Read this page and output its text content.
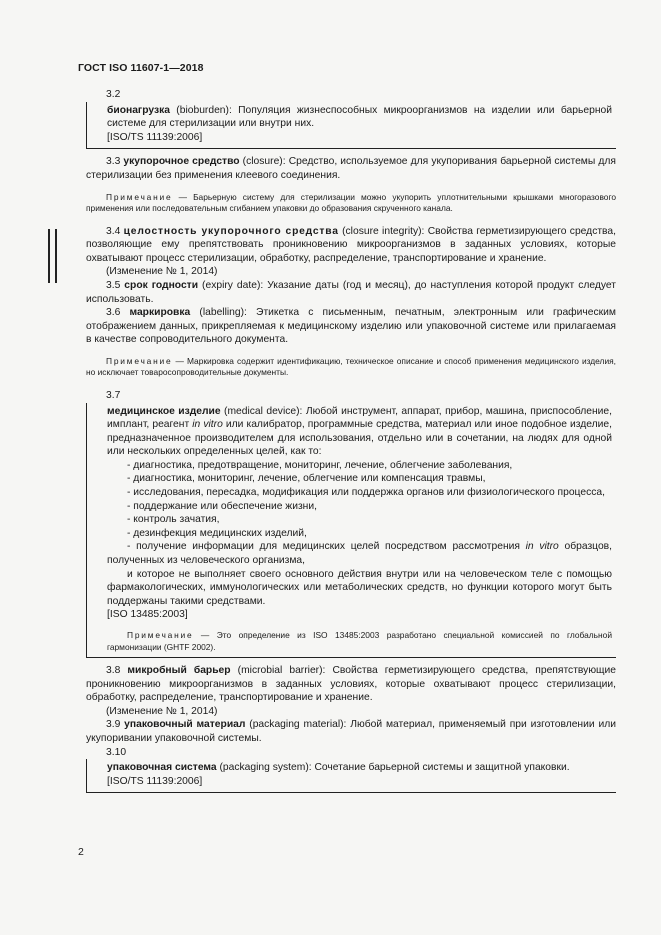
ГОСТ ISO 11607-1—2018

3.2

бионагрузка (bioburden): Популяция жизнеспособных микроорганизмов на изделии или барьерной системе для стерилизации или внутри них.

[ISO/TS 11139:2006]

3.3 укупорочное средство (closure): Средство, используемое для укупоривания барьерной системы для стерилизации без применения клеевого соединения.

Примечание — Барьерную систему для стерилизации можно укупорить уплотнительными крышками многоразового применения или последовательным сгибанием упаковки до образования скрученного канала.

3.4 целостность укупорочного средства (closure integrity): Свойства герметизирующего средства, позволяющие ему препятствовать проникновению микроорганизмов в заданных условиях, которые охватывают процесс стерилизации, обработку, распределение, транспортирование и хранение.

(Изменение № 1, 2014)

3.5 срок годности (expiry date): Указание даты (год и месяц), до наступления которой продукт следует использовать.

3.6 маркировка (labelling): Этикетка с письменным, печатным, электронным или графическим отображением данных, прикрепляемая к медицинскому изделию или упаковочной системе или прилагаемая в качестве сопроводительного документа.

Примечание — Маркировка содержит идентификацию, техническое описание и способ применения медицинского изделия, но исключает товаросопроводительные документы.

3.7

медицинское изделие (medical device): Любой инструмент, аппарат, прибор, машина, приспособление, имплант, реагент in vitro или калибратор, программные средства, материал или иное подобное изделие, предназначенное производителем для использования, отдельно или в сочетании, на людях для одной или нескольких определенных целей, как то:

- диагностика, предотвращение, мониторинг, лечение, облегчение заболевания,

- диагностика, мониторинг, лечение, облегчение или компенсация травмы,

- исследования, пересадка, модификация или поддержка органов или физиологического процесса,

- поддержание или обеспечение жизни,

- контроль зачатия,

- дезинфекция медицинских изделий,

- получение информации для медицинских целей посредством рассмотрения in vitro образцов, полученных из человеческого организма,

и которое не выполняет своего основного действия внутри или на человеческом теле с помощью фармакологических, иммунологических или метаболических средств, но функции которого могут быть поддержаны такими средствами.

[ISO 13485:2003]

Примечание — Это определение из ISO 13485:2003 разработано специальной комиссией по глобальной гармонизации (GHTF 2002).

3.8 микробный барьер (microbial barrier): Свойства герметизирующего средства, препятствующие проникновению микроорганизмов в заданных условиях, которые охватывают процесс стерилизации, обработку, распределение, транспортирование и хранение.

(Изменение № 1, 2014)

3.9 упаковочный материал (packaging material): Любой материал, применяемый при изготовлении или укупоривании упаковочной системы.

3.10

упаковочная система (packaging system): Сочетание барьерной системы и защитной упаковки.

[ISO/TS 11139:2006]

2
